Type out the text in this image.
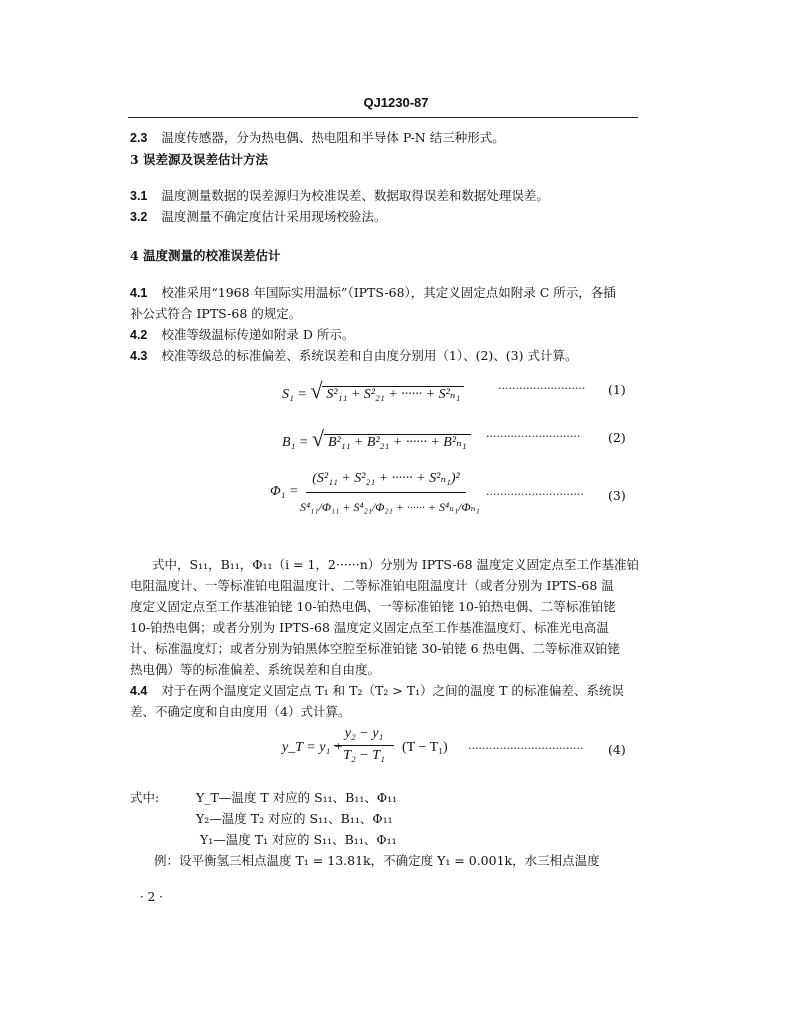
QJ1230-87
2.3 温度传感器，分为热电偶、热电阻和半导体 P-N 结三种形式。
3 误差源及误差估计方法
3.1 温度测量数据的误差源归为校准误差、数据取得误差和数据处理误差。
3.2 温度测量不确定度估计采用现场校验法。
4 温度测量的校准误差估计
4.1 校准采用“1968 年国际实用温标”（IPTS-68），其定义固定点如附录 C 所示，各插
补公式符合 IPTS-68 的规定。
4.2 校准等级温标传递如附录 D 所示。
4.3 校准等级总的标准偏差、系统误差和自由度分别用（1）、(2)、(3) 式计算。
S₁ = √ S²₁₁ + S²₂₁ + ······ + S²ₙ₁	························· (1)
B₁ = √ B²₁₁ + B²₂₁ + ······ + B²ₙ₁	··························· (2)
Φ₁ =
(S²₁₁ + S²₂₁ + ······ + S²ₙ₁)²
S⁴₁₁/Φ₁₁ + S⁴₂₁/Φ₂₁ + ······ + S⁴ₙ₁/Φₙ₁
···························· (3)
式中，S₁₁，B₁₁，Φ₁₁（i = 1，2······n）分别为 IPTS-68 温度定义固定点至工作基准铂
电阻温度计、一等标准铂电阻温度计、二等标准铂电阻温度计（或者分别为 IPTS-68 温
度定义固定点至工作基准铂铑 10-铂热电偶、一等标准铂铑 10-铂热电偶、二等标准铂铑
10-铂热电偶；或者分别为 IPTS-68 温度定义固定点至工作基准温度灯、标准光电高温
计、标准温度灯；或者分别为铂黑体空腔至标准铂铑 30-铂铑 6 热电偶、二等标准双铂铑
热电偶）等的标准偏差、系统误差和自由度。
4.4 对于在两个温度定义固定点 T₁ 和 T₂（T₂ > T₁）之间的温度 T 的标准偏差、系统误
差、不确定度和自由度用（4）式计算。
y_T = y₁ +
y₂ − y₁
T₂ − T₁
(T − T₁) ································· (4)
式中:	Y_T—温度 T 对应的 S₁₁、B₁₁、Φ₁₁
Y₂—温度 T₂ 对应的 S₁₁、B₁₁、Φ₁₁
Y₁—温度 T₁ 对应的 S₁₁、B₁₁、Φ₁₁
例：设平衡氢三相点温度 T₁ = 13.81k，不确定度 Y₁ = 0.001k，水三相点温度
· 2 ·
